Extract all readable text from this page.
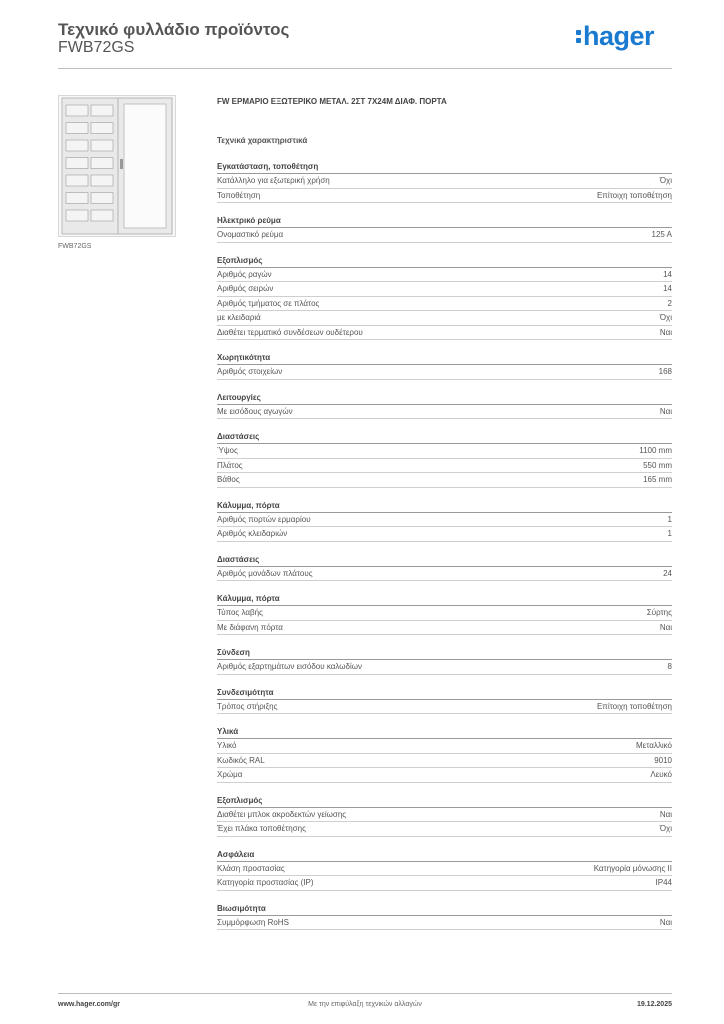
Τεχνικό φυλλάδιο προϊόντος
FWB72GS	hager
FWB72GS
FW ΕΡΜΑΡΙΟ ΕΞΩΤΕΡΙΚΟ ΜΕΤΑΛ. 2ΣΤ 7Χ24Μ ΔΙΑΦ. ΠΟΡΤΑ
Τεχνικά χαρακτηριστικά
Εγκατάσταση, τοποθέτηση
Κατάλληλο για εξωτερική χρήση	Όχι
Τοποθέτηση	Επίτοιχη τοποθέτηση
Ηλεκτρικό ρεύμα
Ονομαστικό ρεύμα	125 A
Εξοπλισμός
Αριθμός ραγών	14
Αριθμός σειρών	14
Αριθμός τμήματος σε πλάτος	2
με κλειδαριά	Όχι
Διαθέτει τερματικό συνδέσεων ουδέτερου	Ναι
Χωρητικότητα
Αριθμός στοιχείων	168
Λειτουργίες
Με εισόδους αγωγών	Ναι
Διαστάσεις
Ύψος	1100 mm
Πλάτος	550 mm
Βάθος	165 mm
Κάλυμμα, πόρτα
Αριθμός πορτών ερμαρίου	1
Αριθμός κλειδαριών	1
Διαστάσεις
Αριθμός μονάδων πλάτους	24
Κάλυμμα, πόρτα
Τύπος λαβής	Σύρτης
Με διάφανη πόρτα	Ναι
Σύνδεση
Αριθμός εξαρτημάτων εισόδου καλωδίων	8
Συνδεσιμότητα
Τρόπος στήριξης	Επίτοιχη τοποθέτηση
Υλικά
Υλικό	Μεταλλικό
Κωδικός RAL	9010
Χρώμα	Λευκό
Εξοπλισμός
Διαθέτει μπλοκ ακροδεκτών γείωσης	Ναι
Έχει πλάκα τοποθέτησης	Όχι
Ασφάλεια
Κλάση προστασίας	Κατηγορία μόνωσης II
Κατηγορία προστασίας (IP)	IP44
Βιωσιμότητα
Συμμόρφωση RoHS	Ναι
www.hager.com/gr	Με την επιφύλαξη τεχνικών αλλαγών	19.12.2025
